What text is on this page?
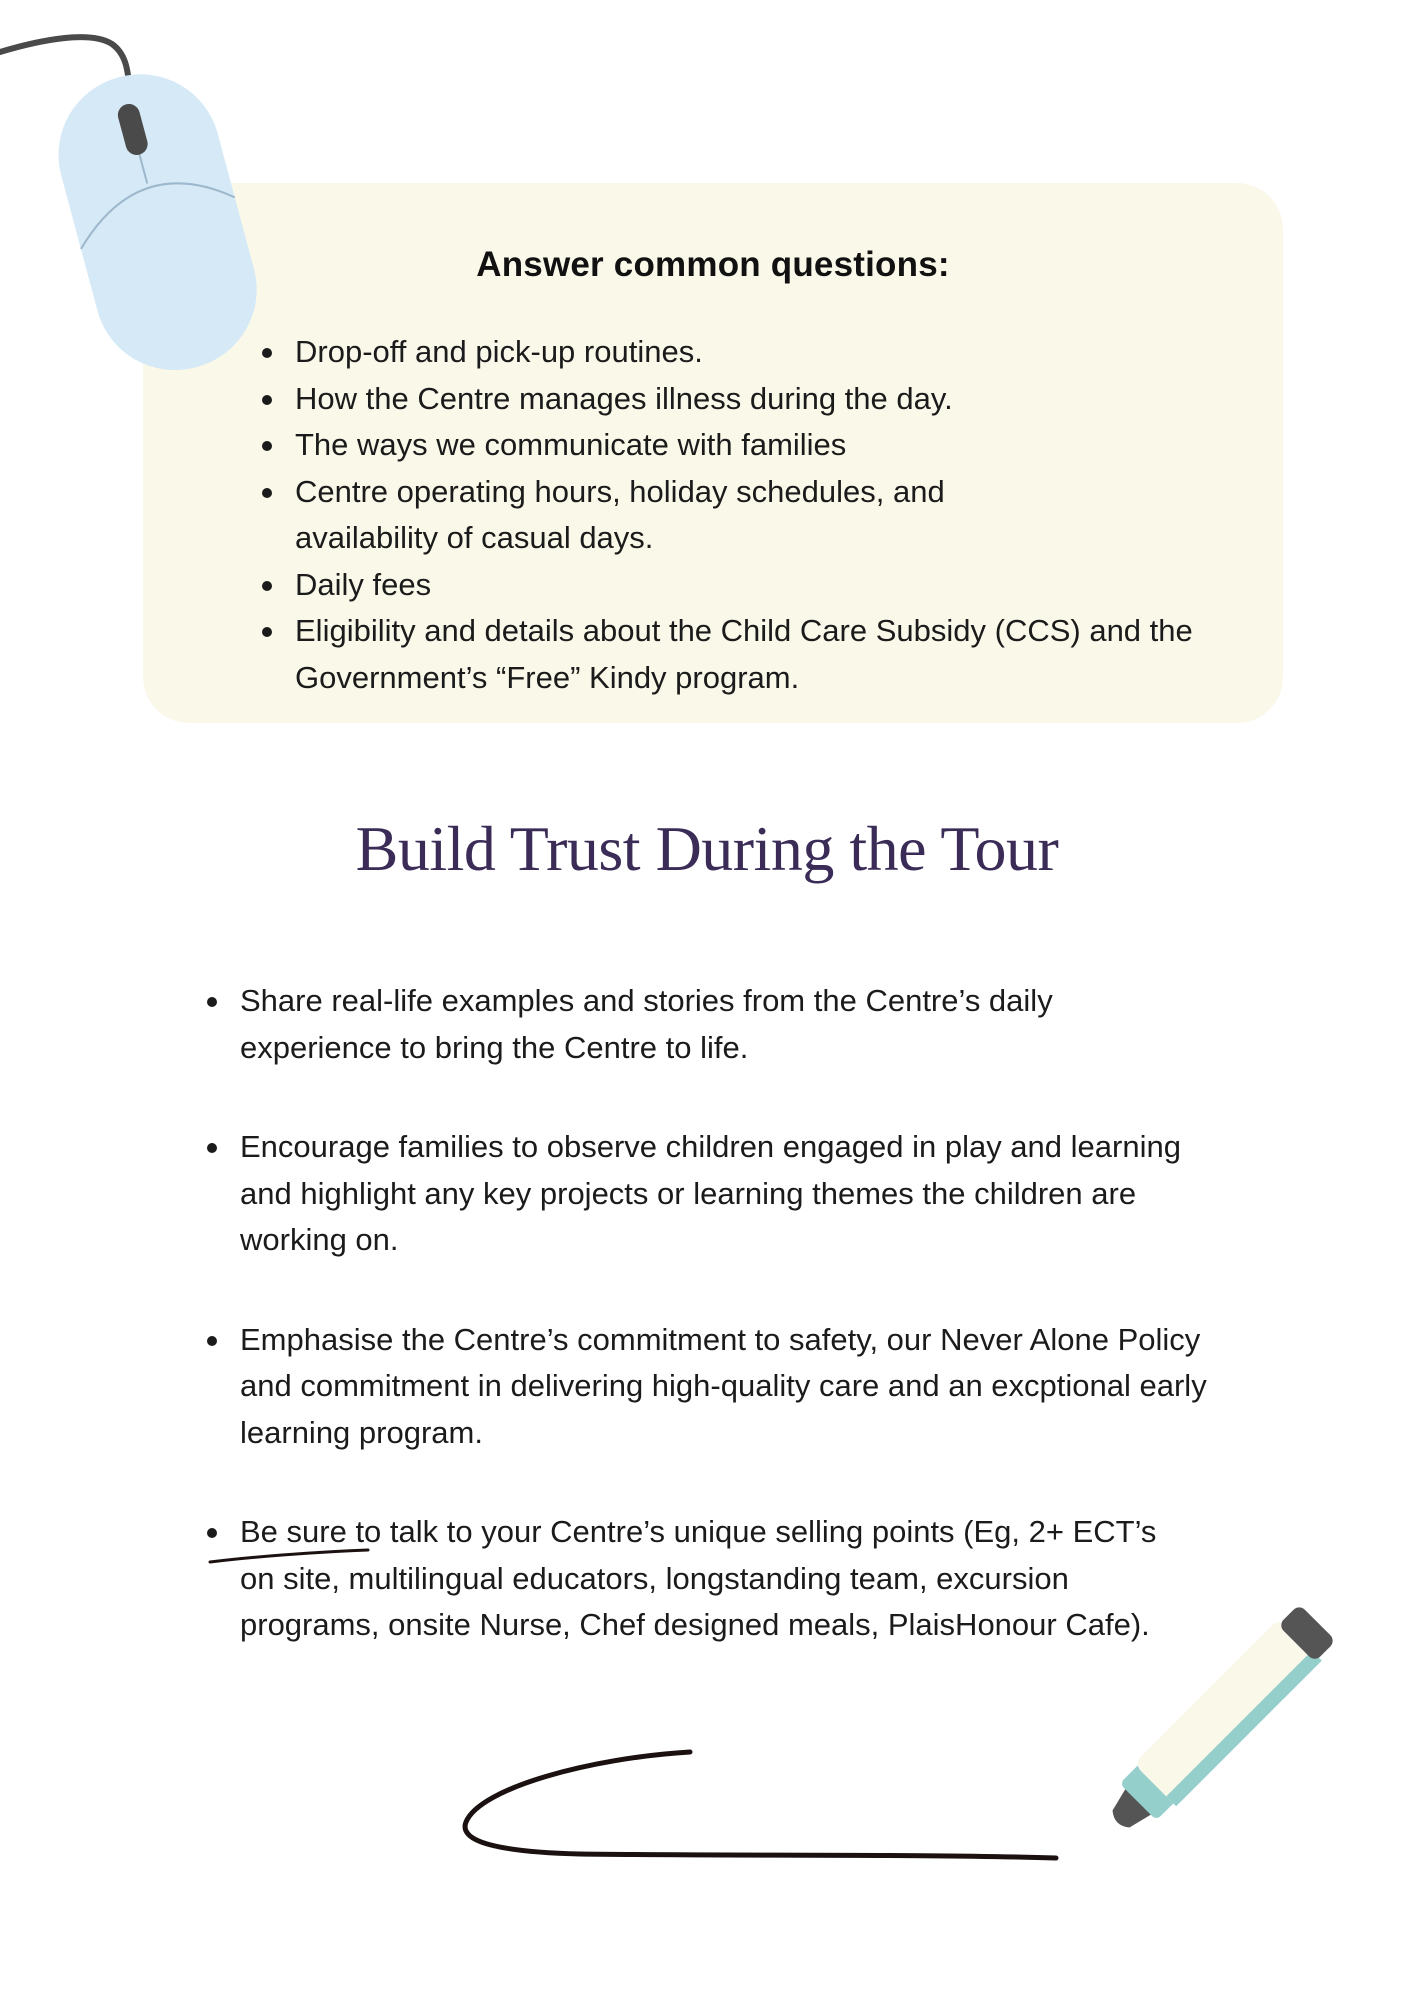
Answer common questions:
Drop-off and pick-up routines.
How the Centre manages illness during the day.
The ways we communicate with families
Centre operating hours, holiday schedules, and availability of casual days.
Daily fees
Eligibility and details about the Child Care Subsidy (CCS) and the Government’s “Free” Kindy program.
Build Trust During the Tour
Share real-life examples and stories from the Centre’s daily experience to bring the Centre to life.
Encourage families to observe children engaged in play and learning and highlight any key projects or learning themes the children are working on.
Emphasise the Centre’s commitment to safety, our Never Alone Policy and commitment in delivering high-quality care and an excptional early learning program.
Be sure to talk to your Centre’s unique selling points (Eg, 2+ ECT’s on site, multilingual educators, longstanding team, excursion programs, onsite Nurse, Chef designed meals, PlaisHonour Cafe).
